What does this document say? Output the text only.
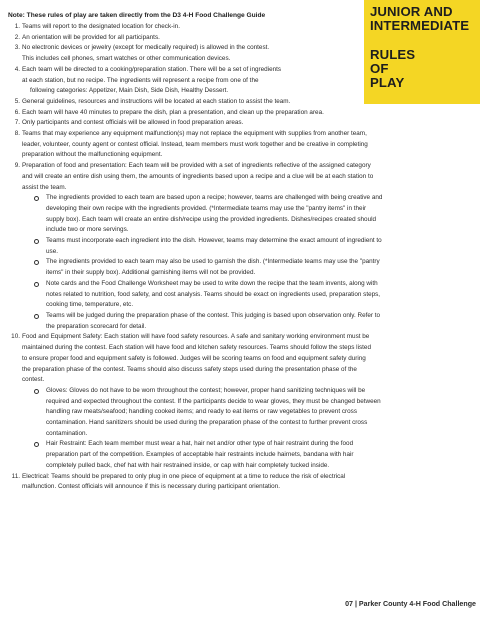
JUNIOR AND
INTERMEDIATE
RULES
OF
PLAY
Note: These rules of play are taken directly from the D3 4-H Food Challenge Guide
1. Teams will report to the designated location for check-in.
2. An orientation will be provided for all participants.
3. No electronic devices or jewelry (except for medically required) is allowed in the contest.
This includes cell phones, smart watches or other communication devices.
4. Each team will be directed to a cooking/preparation station. There will be a set of ingredients
at each station, but no recipe. The ingredients will represent a recipe from one of the
following categories: Appetizer, Main Dish, Side Dish, Healthy Dessert.
5. General guidelines, resources and instructions will be located at each station to assist the team.
6. Each team will have 40 minutes to prepare the dish, plan a presentation, and clean up the preparation area.
7. Only participants and contest officials will be allowed in food preparation areas.
8. Teams that may experience any equipment malfunction(s) may not replace the equipment with supplies from another team,
leader, volunteer, county agent or contest official. Instead, team members must work together and be creative in completing
preparation without the malfunctioning equipment.
9. Preparation of food and presentation: Each team will be provided with a set of ingredients reflective of the assigned category
and will create an entire dish using them, the amounts of ingredients based upon a recipe and a clue will be at each station to
assist the team.
The ingredients provided to each team are based upon a recipe; however, teams are challenged with being creative and
developing their own recipe with the ingredients provided. (*Intermediate teams may use the "pantry items" in their
supply box). Each team will create an entire dish/recipe using the provided ingredients. Dishes/recipes created should
include two or more servings.
Teams must incorporate each ingredient into the dish. However, teams may determine the exact amount of ingredient to
use.
The ingredients provided to each team may also be used to garnish the dish. (*Intermediate teams may use the "pantry
items" in their supply box). Additional garnishing items will not be provided.
Note cards and the Food Challenge Worksheet may be used to write down the recipe that the team invents, along with
notes related to nutrition, food safety, and cost analysis. Teams should be exact on ingredients used, preparation steps,
cooking time, temperature, etc.
Teams will be judged during the preparation phase of the contest. This judging is based upon observation only. Refer to
the preparation scorecard for detail.
10. Food and Equipment Safety: Each station will have food safety resources. A safe and sanitary working environment must be
maintained during the contest. Each station will have food and kitchen safety resources. Teams should follow the steps listed
to ensure proper food and equipment safety is followed. Judges will be scoring teams on food and equipment safety during
the preparation phase of the contest. Teams should also discuss safety steps used during the presentation phase of the
contest.
Gloves: Gloves do not have to be worn throughout the contest; however, proper hand sanitizing techniques will be
required and expected throughout the contest. If the participants decide to wear gloves, they must be changed between
handling raw meats/seafood; handling cooked items; and ready to eat items or raw vegetables to prevent cross
contamination. Hand sanitizers should be used during the preparation phase of the contest to further prevent cross
contamination.
Hair Restraint: Each team member must wear a hat, hair net and/or other type of hair restraint during the food
preparation part of the competition. Examples of acceptable hair restraints include hairnets, bandana with hair
completely pulled back, chef hat with hair restrained inside, or cap with hair completely tucked inside.
11. Electrical: Teams should be prepared to only plug in one piece of equipment at a time to reduce the risk of electrical
malfunction. Contest officials will announce if this is necessary during participant orientation.
07 | Parker County 4-H Food Challenge
